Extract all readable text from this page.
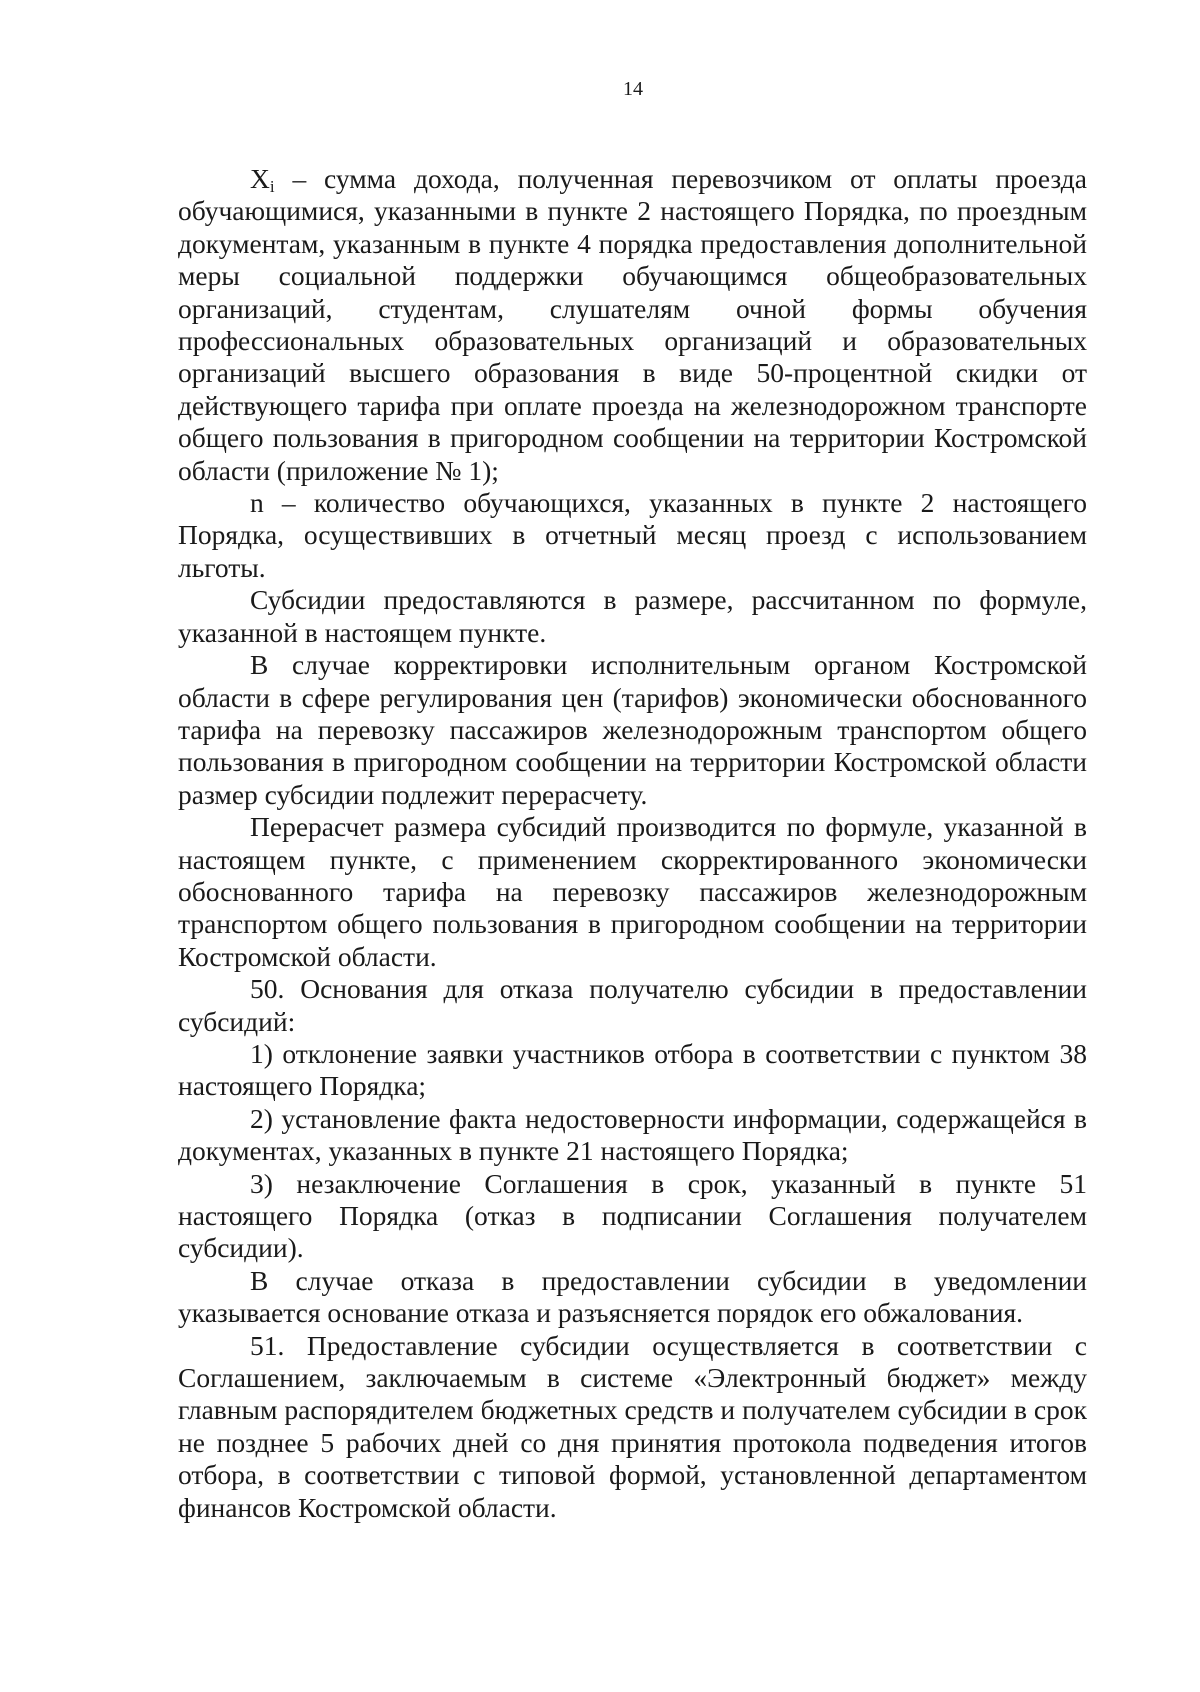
14

$X_i$ – сумма дохода, полученная перевозчиком от оплаты проезда обучающимися, указанными в пункте 2 настоящего Порядка, по проездным документам, указанным в пункте 4 порядка предоставления дополнительной меры социальной поддержки обучающимся общеобразовательных организаций, студентам, слушателям очной формы обучения профессиональных образовательных организаций и образовательных организаций высшего образования в виде 50-процентной скидки от действующего тарифа при оплате проезда на железнодорожном транспорте общего пользования в пригородном сообщении на территории Костромской области (приложение № 1);

n – количество обучающихся, указанных в пункте 2 настоящего Порядка, осуществивших в отчетный месяц проезд с использованием льготы.

Субсидии предоставляются в размере, рассчитанном по формуле, указанной в настоящем пункте.

В случае корректировки исполнительным органом Костромской области в сфере регулирования цен (тарифов) экономически обоснованного тарифа на перевозку пассажиров железнодорожным транспортом общего пользования в пригородном сообщении на территории Костромской области размер субсидии подлежит перерасчету.

Перерасчет размера субсидий производится по формуле, указанной в настоящем пункте, с применением скорректированного экономически обоснованного тарифа на перевозку пассажиров железнодорожным транспортом общего пользования в пригородном сообщении на территории Костромской области.

50. Основания для отказа получателю субсидии в предоставлении субсидий:

1) отклонение заявки участников отбора в соответствии с пунктом 38 настоящего Порядка;

2) установление факта недостоверности информации, содержащейся в документах, указанных в пункте 21 настоящего Порядка;

3) незаключение Соглашения в срок, указанный в пункте 51 настоящего Порядка (отказ в подписании Соглашения получателем субсидии).

В случае отказа в предоставлении субсидии в уведомлении указывается основание отказа и разъясняется порядок его обжалования.

51. Предоставление субсидии осуществляется в соответствии с Соглашением, заключаемым в системе «Электронный бюджет» между главным распорядителем бюджетных средств и получателем субсидии в срок не позднее 5 рабочих дней со дня принятия протокола подведения итогов отбора, в соответствии с типовой формой, установленной департаментом финансов Костромской области.
